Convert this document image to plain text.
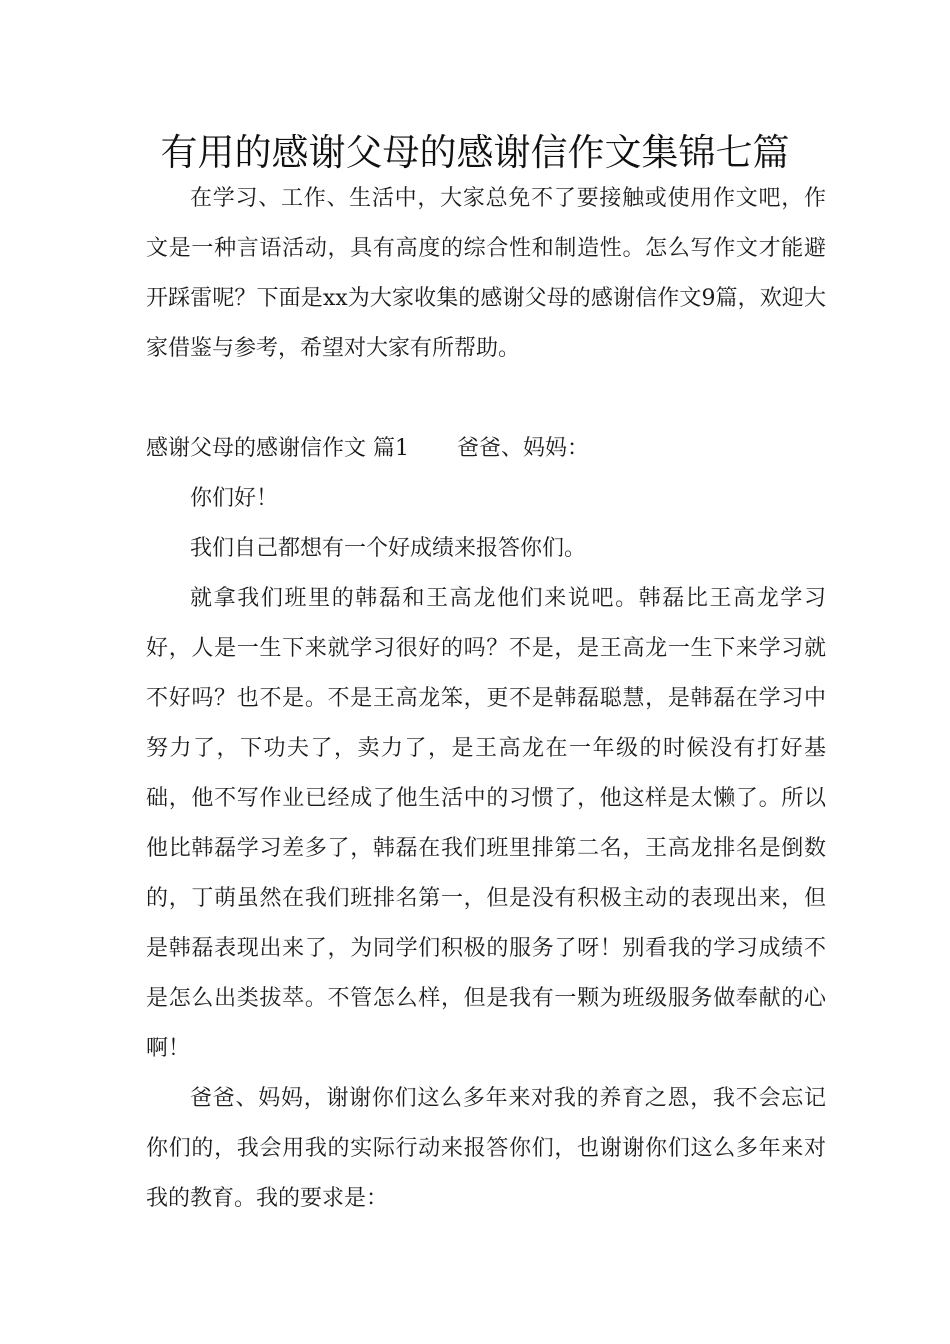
有用的感谢父母的感谢信作文集锦七篇

在学习、工作、生活中，大家总免不了要接触或使用作文吧，作文是一种言语活动，具有高度的综合性和制造性。怎么写作文才能避开踩雷呢？下面是xx为大家收集的感谢父母的感谢信作文9篇，欢迎大家借鉴与参考，希望对大家有所帮助。

感谢父母的感谢信作文 篇1 爸爸、妈妈：

你们好！

我们自己都想有一个好成绩来报答你们。

就拿我们班里的韩磊和王高龙他们来说吧。韩磊比王高龙学习好，人是一生下来就学习很好的吗？不是，是王高龙一生下来学习就不好吗？也不是。不是王高龙笨，更不是韩磊聪慧，是韩磊在学习中努力了，下功夫了，卖力了，是王高龙在一年级的时候没有打好基础，他不写作业已经成了他生活中的习惯了，他这样是太懒了。所以他比韩磊学习差多了，韩磊在我们班里排第二名，王高龙排名是倒数的，丁萌虽然在我们班排名第一，但是没有积极主动的表现出来，但是韩磊表现出来了，为同学们积极的服务了呀！别看我的学习成绩不是怎么出类拔萃。不管怎么样，但是我有一颗为班级服务做奉献的心啊！

爸爸、妈妈，谢谢你们这么多年来对我的养育之恩，我不会忘记你们的，我会用我的实际行动来报答你们，也谢谢你们这么多年来对我的教育。我的要求是：
